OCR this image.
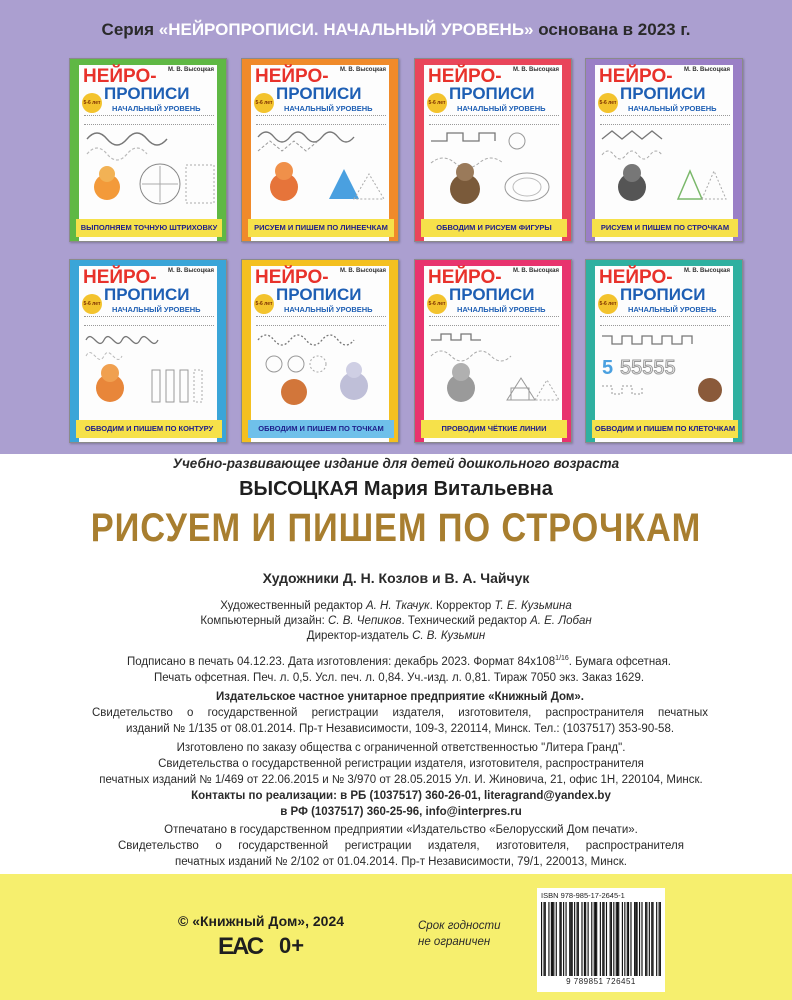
Серия «НЕЙРОПРОПИСИ. НАЧАЛЬНЫЙ УРОВЕНЬ» основана в 2023 г.
М. В. Высоцкая
НЕЙРО-
ПРОПИСИ
5-6 лет
НАЧАЛЬНЫЙ УРОВЕНЬ
ВЫПОЛНЯЕМ ТОЧНУЮ ШТРИХОВКУ
М. В. Высоцкая
НЕЙРО-
ПРОПИСИ
5-6 лет
НАЧАЛЬНЫЙ УРОВЕНЬ
РИСУЕМ И ПИШЕМ ПО ЛИНЕЕЧКАМ
М. В. Высоцкая
НЕЙРО-
ПРОПИСИ
5-6 лет
НАЧАЛЬНЫЙ УРОВЕНЬ
ОБВОДИМ И РИСУЕМ ФИГУРЫ
М. В. Высоцкая
НЕЙРО-
ПРОПИСИ
5-6 лет
НАЧАЛЬНЫЙ УРОВЕНЬ
РИСУЕМ И ПИШЕМ ПО СТРОЧКАМ
М. В. Высоцкая
НЕЙРО-
ПРОПИСИ
5-6 лет
НАЧАЛЬНЫЙ УРОВЕНЬ
ОБВОДИМ И ПИШЕМ ПО КОНТУРУ
М. В. Высоцкая
НЕЙРО-
ПРОПИСИ
5-6 лет
НАЧАЛЬНЫЙ УРОВЕНЬ
ОБВОДИМ И ПИШЕМ ПО ТОЧКАМ
М. В. Высоцкая
НЕЙРО-
ПРОПИСИ
5-6 лет
НАЧАЛЬНЫЙ УРОВЕНЬ
ПРОВОДИМ ЧЁТКИЕ ЛИНИИ
М. В. Высоцкая
НЕЙРО-
ПРОПИСИ
5-6 лет
НАЧАЛЬНЫЙ УРОВЕНЬ
5 55555
ОБВОДИМ И ПИШЕМ ПО КЛЕТОЧКАМ
Учебно-развивающее издание для детей дошкольного возраста
ВЫСОЦКАЯ Мария Витальевна
РИСУЕМ И ПИШЕМ ПО СТРОЧКАМ
Художники Д. Н. Козлов и В. А. Чайчук
Художественный редактор А. Н. Ткачук. Корректор Т. Е. Кузьмина
Компьютерный дизайн: С. В. Чепиков. Технический редактор А. Е. Лобан
Директор-издатель С. В. Кузьмин
Подписано в печать 04.12.23. Дата изготовления: декабрь 2023. Формат $84х108^{1/16}$. Бумага офсетная.
Печать офсетная. Печ. л. 0,5. Усл. печ. л. 0,84. Уч.-изд. л. 0,81. Тираж 7050 экз. Заказ 1629.
Издательское частное унитарное предприятие «Книжный Дом».
Свидетельство о государственной регистрации издателя, изготовителя, распространителя печатных
изданий № 1/135 от 08.01.2014. Пр-т Независимости, 109-3, 220114, Минск. Тел.: (1037517) 353-90-58.
Изготовлено по заказу общества с ограниченной ответственностью "Литера Гранд".
Свидетельства о государственной регистрации издателя, изготовителя, распространителя
печатных изданий № 1/469 от 22.06.2015 и № 3/970 от 28.05.2015 Ул. И. Жиновича, 21, офис 1Н, 220104, Минск.
Контакты по реализации: в РБ (1037517) 360-26-01, literagrand@yandex.by
в РФ (1037517) 360-25-96, info@interpres.ru
Отпечатано в государственном предприятии «Издательство «Белорусский Дом печати».
Свидетельство о государственной регистрации издателя, изготовителя, распространителя
печатных изданий № 2/102 от 01.04.2014. Пр-т Независимости, 79/1, 220013, Минск.
© «Книжный Дом», 2024
ЕАС 0+
Срок годности
не ограничен
ISBN 978-985-17-2645-1
9 789851 726451
